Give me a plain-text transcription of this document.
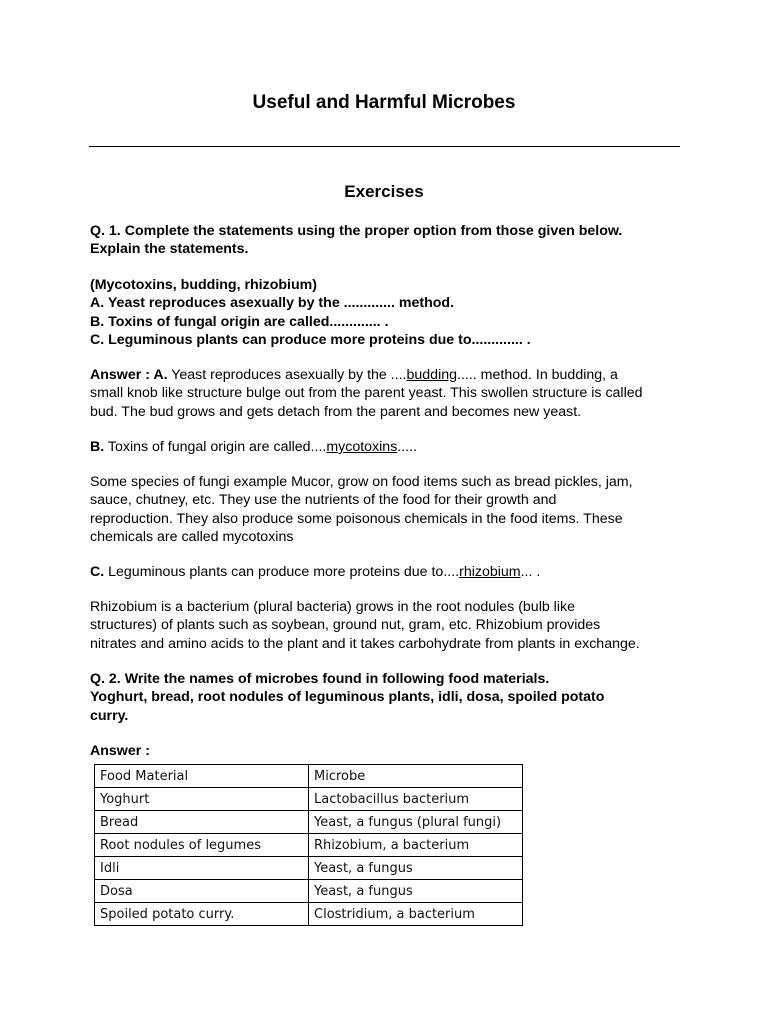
Useful and Harmful Microbes
Exercises
Q. 1. Complete the statements using the proper option from those given below.
Explain the statements.
(Mycotoxins, budding, rhizobium)
A. Yeast reproduces asexually by the ............. method.
B. Toxins of fungal origin are called............. .
C. Leguminous plants can produce more proteins due to............. .
Answer : A. Yeast reproduces asexually by the ....budding..... method. In budding, a
small knob like structure bulge out from the parent yeast. This swollen structure is called
bud. The bud grows and gets detach from the parent and becomes new yeast.
B. Toxins of fungal origin are called....mycotoxins.....
Some species of fungi example Mucor, grow on food items such as bread pickles, jam,
sauce, chutney, etc. They use the nutrients of the food for their growth and
reproduction. They also produce some poisonous chemicals in the food items. These
chemicals are called mycotoxins
C. Leguminous plants can produce more proteins due to....rhizobium... .
Rhizobium is a bacterium (plural bacteria) grows in the root nodules (bulb like
structures) of plants such as soybean, ground nut, gram, etc. Rhizobium provides
nitrates and amino acids to the plant and it takes carbohydrate from plants in exchange.
Q. 2. Write the names of microbes found in following food materials.
Yoghurt, bread, root nodules of leguminous plants, idli, dosa, spoiled potato
curry.
Answer :
Food Material	Microbe
Yoghurt	Lactobacillus bacterium
Bread	Yeast, a fungus (plural fungi)
Root nodules of legumes	Rhizobium, a bacterium
Idli	Yeast, a fungus
Dosa	Yeast, a fungus
Spoiled potato curry.	Clostridium, a bacterium
